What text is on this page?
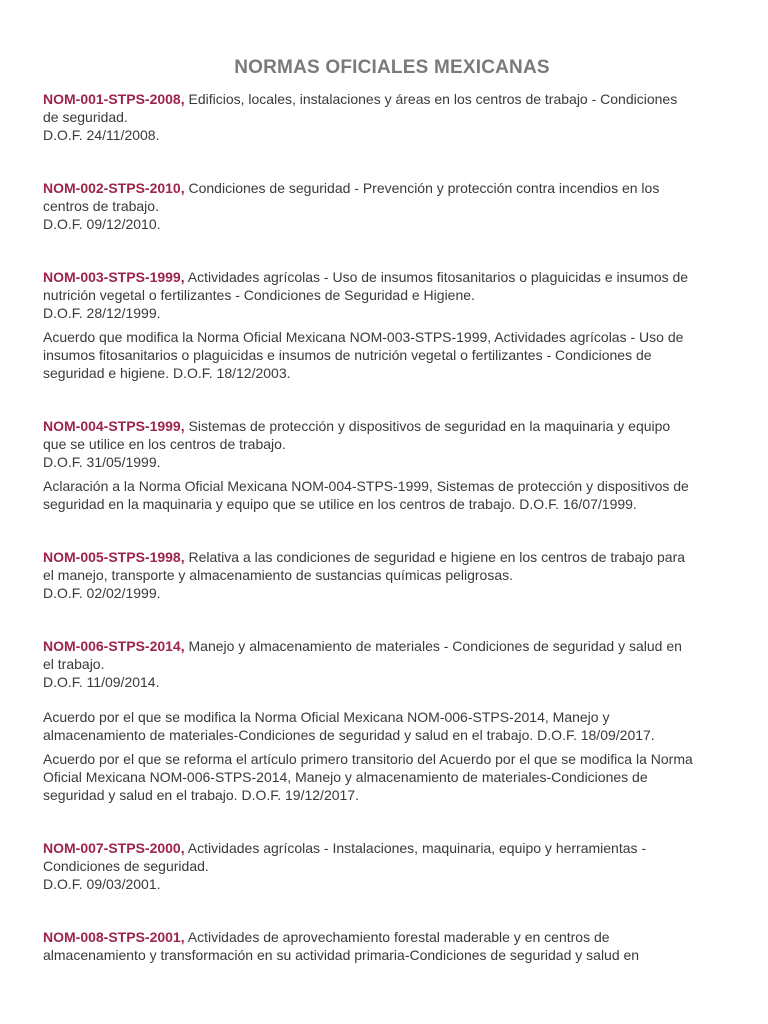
NORMAS OFICIALES MEXICANAS

NOM-001-STPS-2008, Edificios, locales, instalaciones y áreas en los centros de trabajo - Condiciones de seguridad.
D.O.F. 24/11/2008.

NOM-002-STPS-2010, Condiciones de seguridad - Prevención y protección contra incendios en los centros de trabajo.
D.O.F. 09/12/2010.

NOM-003-STPS-1999, Actividades agrícolas - Uso de insumos fitosanitarios o plaguicidas e insumos de nutrición vegetal o fertilizantes - Condiciones de Seguridad e Higiene.
D.O.F. 28/12/1999.

Acuerdo que modifica la Norma Oficial Mexicana NOM-003-STPS-1999, Actividades agrícolas - Uso de insumos fitosanitarios o plaguicidas e insumos de nutrición vegetal o fertilizantes - Condiciones de seguridad e higiene. D.O.F. 18/12/2003.

NOM-004-STPS-1999, Sistemas de protección y dispositivos de seguridad en la maquinaria y equipo que se utilice en los centros de trabajo.
D.O.F. 31/05/1999.

Aclaración a la Norma Oficial Mexicana NOM-004-STPS-1999, Sistemas de protección y dispositivos de seguridad en la maquinaria y equipo que se utilice en los centros de trabajo. D.O.F. 16/07/1999.

NOM-005-STPS-1998, Relativa a las condiciones de seguridad e higiene en los centros de trabajo para el manejo, transporte y almacenamiento de sustancias químicas peligrosas.
D.O.F. 02/02/1999.

NOM-006-STPS-2014, Manejo y almacenamiento de materiales - Condiciones de seguridad y salud en el trabajo.
D.O.F. 11/09/2014.

Acuerdo por el que se modifica la Norma Oficial Mexicana NOM-006-STPS-2014, Manejo y almacenamiento de materiales-Condiciones de seguridad y salud en el trabajo. D.O.F. 18/09/2017.

Acuerdo por el que se reforma el artículo primero transitorio del Acuerdo por el que se modifica la Norma Oficial Mexicana NOM-006-STPS-2014, Manejo y almacenamiento de materiales-Condiciones de seguridad y salud en el trabajo. D.O.F. 19/12/2017.

NOM-007-STPS-2000, Actividades agrícolas - Instalaciones, maquinaria, equipo y herramientas - Condiciones de seguridad.
D.O.F. 09/03/2001.

NOM-008-STPS-2001, Actividades de aprovechamiento forestal maderable y en centros de almacenamiento y transformación en su actividad primaria-Condiciones de seguridad y salud en
